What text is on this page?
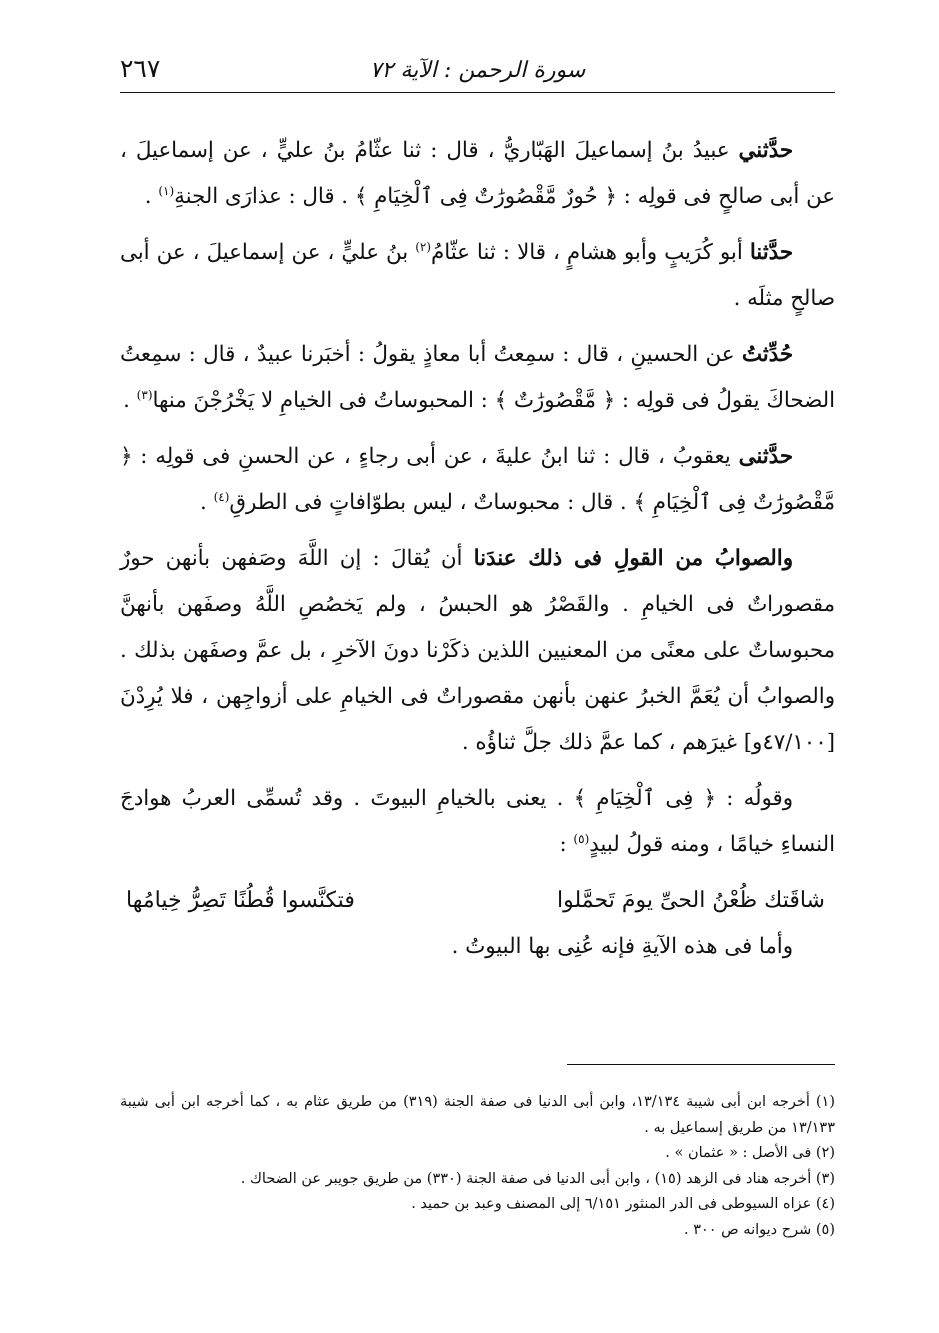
سورة الرحمن : الآية ٧٢
٢٦٧

حدَّثني عبيدُ بنُ إسماعيلَ الهَبّاريُّ ، قال : ثنا عثّامُ بنُ عليٍّ ، عن إسماعيلَ ، عن أبى صالحٍ فى قولِه : ﴿ حُورٌ مَّقْصُورَٰتٌ فِى ٱلْخِيَامِ ﴾ . قال : عذارَى الجنةِ$^{(١)}$ .

حدَّثنا أبو كُرَيبٍ وأبو هشامٍ ، قالا : ثنا عثّامُ$^{(٢)}$ بنُ عليٍّ ، عن إسماعيلَ ، عن أبى صالحٍ مثلَه .

حُدِّثتُ عن الحسينِ ، قال : سمِعتُ أبا معاذٍ يقولُ : أخبَرنا عبيدٌ ، قال : سمِعتُ الضحاكَ يقولُ فى قولِه : ﴿ مَّقْصُورَٰتٌ ﴾ : المحبوساتُ فى الخيامِ لا يَخْرُجْنَ منها$^{(٣)}$ .

حدَّثنى يعقوبُ ، قال : ثنا ابنُ عليةَ ، عن أبى رجاءٍ ، عن الحسنِ فى قولِه : ﴿ مَّقْصُورَٰتٌ فِى ٱلْخِيَامِ ﴾ . قال : محبوساتٌ ، ليس بطوّافاتٍ فى الطرقِ$^{(٤)}$ .

والصوابُ من القولِ فى ذلك عندَنا أن يُقالَ : إن اللَّهَ وصَفهن بأنهن حورٌ مقصوراتٌ فى الخيامِ . والقَصْرُ هو الحبسُ ، ولم يَخصُصِ اللَّهُ وصفَهن بأنهنَّ محبوساتٌ على معنًى من المعنيين اللذين ذكَرْنا دونَ الآخرِ ، بل عمَّ وصفَهن بذلك . والصوابُ أن يُعَمَّ الخبرُ عنهن بأنهن مقصوراتٌ فى الخيامِ على أزواجِهن ، فلا يُرِدْنَ [٤٧/١٠٠و] غيرَهم ، كما عمَّ ذلك جلَّ ثناؤُه .

وقولُه : ﴿ فِى ٱلْخِيَامِ ﴾ . يعنى بالخيامِ البيوتَ . وقد تُسمِّى العربُ هوادجَ النساءِ خيامًا ، ومنه قولُ لبيدٍ$^{(٥)}$ :

شاقَتك ظُعْنُ الحىِّ يومَ تَحمَّلوا
فتكنَّسوا قُطُنًا تَصِرُّ خِيامُها

وأما فى هذه الآيةِ فإنه عُنِى بها البيوتُ .

(١) أخرجه ابن أبى شيبة ١٣/١٣٤، وابن أبى الدنيا فى صفة الجنة (٣١٩) من طريق عثام به ، كما أخرجه ابن أبى شيبة ١٣/١٣٣ من طريق إسماعيل به .

(٢) فى الأصل : « عثمان » .

(٣) أخرجه هناد فى الزهد (١٥) ، وابن أبى الدنيا فى صفة الجنة (٣٣٠) من طريق جويبر عن الضحاك .

(٤) عزاه السيوطى فى الدر المنثور ٦/١٥١ إلى المصنف وعبد بن حميد .

(٥) شرح ديوانه ص ٣٠٠ .
